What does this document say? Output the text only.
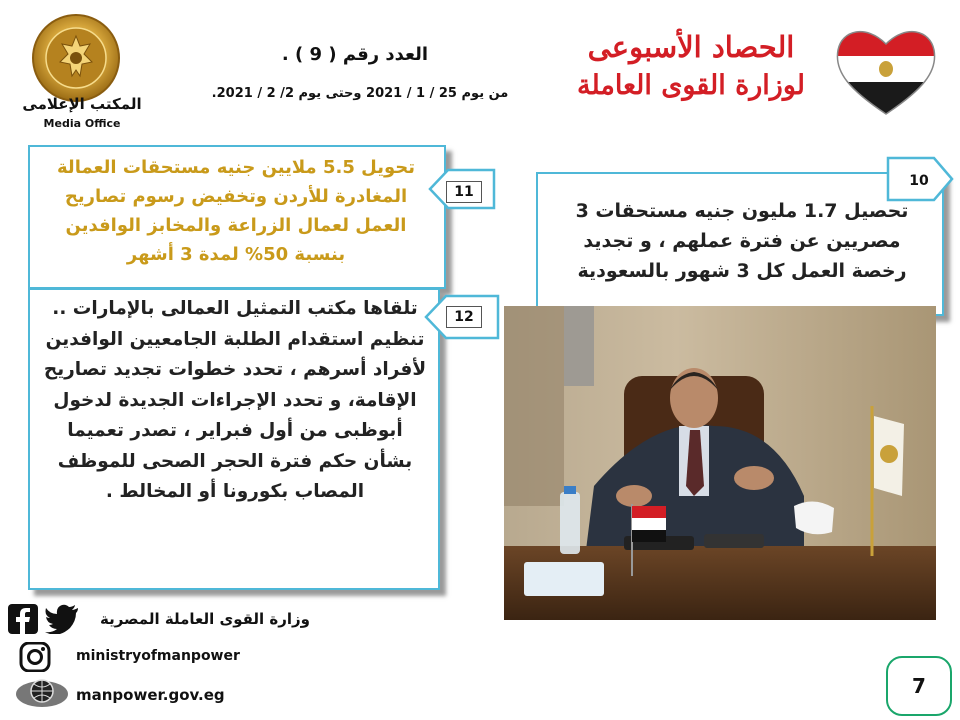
المكتب الإعلامى
Media Office
العدد رقم ( 9 ) .
من يوم 25 / 1 / 2021 وحتى يوم 2/ 2 / 2021.
الحصاد الأسبوعى
لوزارة القوى العاملة
تحويل 5.5 ملايين جنيه مستحقات العمالة المغادرة للأردن وتخفيض رسوم تصاريح العمل لعمال الزراعة والمخابز الوافدين بنسبة 50% لمدة 3 أشهر
11
تحصيل 1.7 مليون جنيه مستحقات 3 مصريين عن فترة عملهم ، و تجديد رخصة العمل كل 3 شهور بالسعودية
10
تلقاها مكتب التمثيل العمالى بالإمارات .. تنظيم استقدام الطلبة الجامعيين الوافدين لأفراد أسرهم ، تحدد خطوات تجديد تصاريح الإقامة، و تحدد الإجراءات الجديدة لدخول أبوظبى من أول فبراير ، تصدر تعميما بشأن حكم فترة الحجر الصحى للموظف المصاب بكورونا أو المخالط .
12
وزارة القوى العاملة المصرية
ministryofmanpower
manpower.gov.eg	7
